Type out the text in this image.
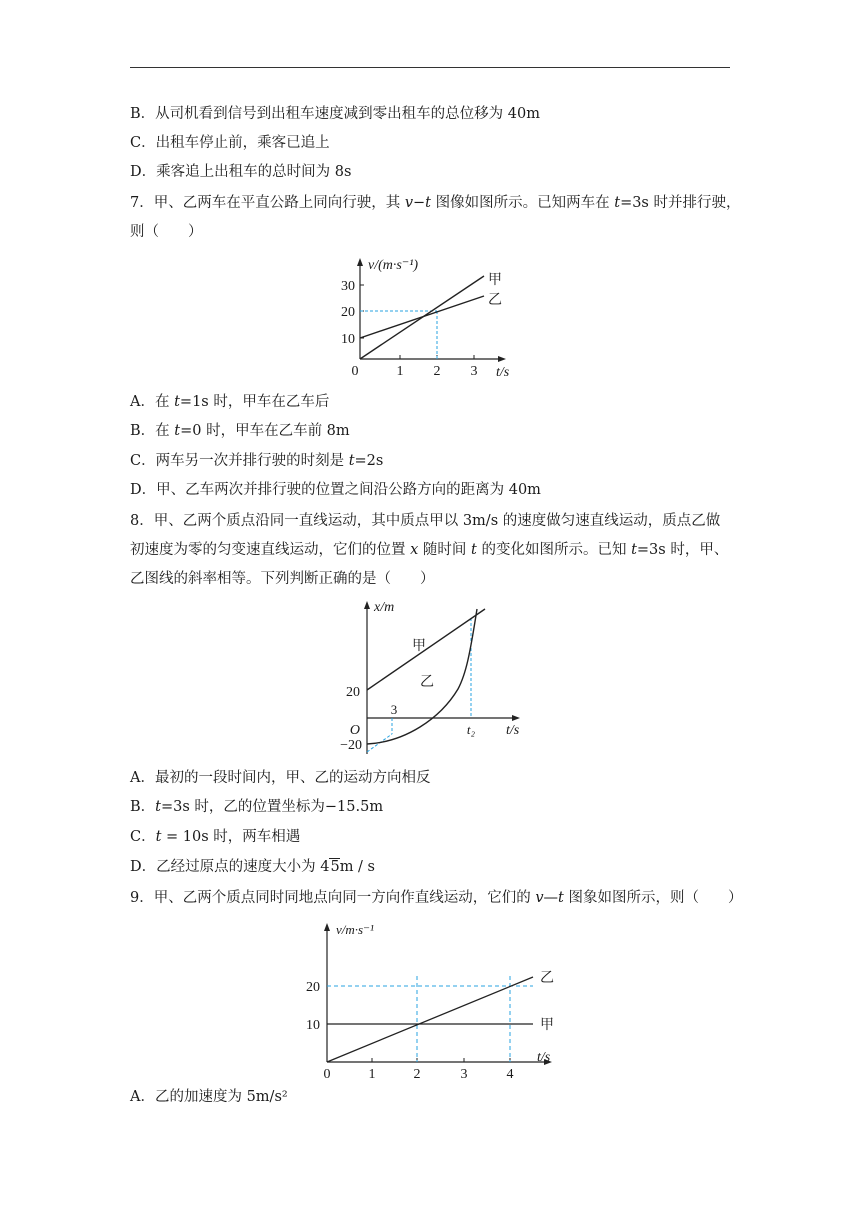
B．从司机看到信号到出租车速度减到零出租车的总位移为 40m
C．出租车停止前，乘客已追上
D．乘客追上出租车的总时间为 8s
7．甲、乙两车在平直公路上同向行驶，其 v−t 图像如图所示。已知两车在 t=3s 时并排行驶，
则（　　）
v/(m·s⁻¹)
t/s
0	1 2 3
10
20
30	甲
乙
A．在 t=1s 时，甲车在乙车后
B．在 t=0 时，甲车在乙车前 8m
C．两车另一次并排行驶的时刻是 t=2s
D．甲、乙车两次并排行驶的位置之间沿公路方向的距离为 40m
8．甲、乙两个质点沿同一直线运动，其中质点甲以 3m/s 的速度做匀速直线运动，质点乙做
初速度为零的匀变速直线运动，它们的位置 x 随时间 t 的变化如图所示。已知 t=3s 时，甲、
乙图线的斜率相等。下列判断正确的是（　　）
x/m
t/s
O
20
−20
3
t₂
甲
乙
A．最初的一段时间内，甲、乙的运动方向相反
B．t=3s 时，乙的位置坐标为−15.5m
C．t = 10s 时，两车相遇
D．乙经过原点的速度大小为 45m / s
9．甲、乙两个质点同时同地点向同一方向作直线运动，它们的 v—t 图象如图所示，则（　　）
v/m·s⁻¹
t/s
0	1	2	3	4
10
20
甲
乙
A．乙的加速度为 5m/s²
